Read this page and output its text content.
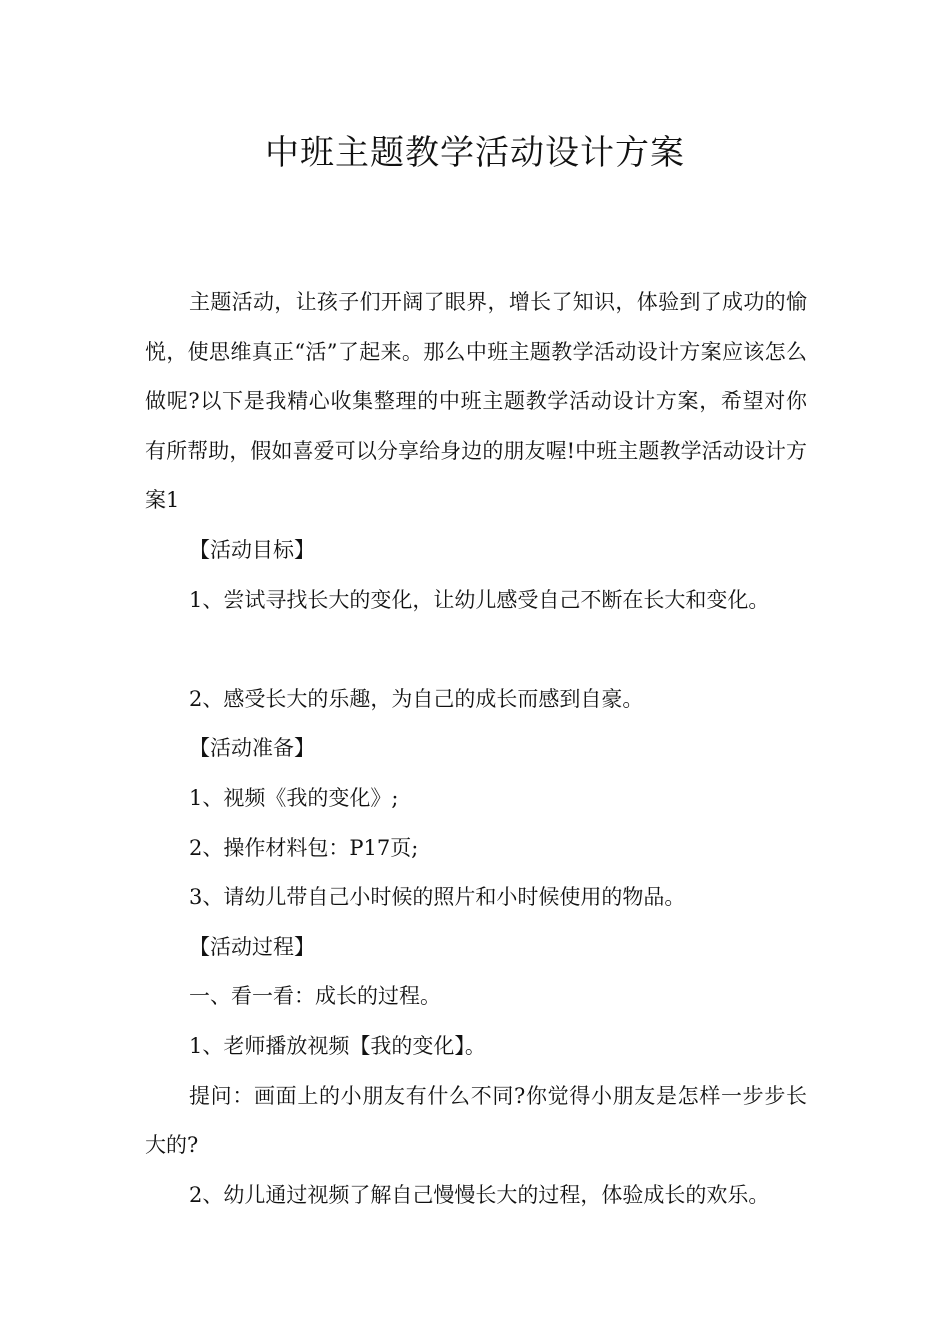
中班主题教学活动设计方案

主题活动，让孩子们开阔了眼界，增长了知识，体验到了成功的愉悦，使思维真正“活”了起来。那么中班主题教学活动设计方案应该怎么做呢?以下是我精心收集整理的中班主题教学活动设计方案，希望对你有所帮助，假如喜爱可以分享给身边的朋友喔!中班主题教学活动设计方案1

【活动目标】

1、尝试寻找长大的变化，让幼儿感受自己不断在长大和变化。

2、感受长大的乐趣，为自己的成长而感到自豪。

【活动准备】

1、视频《我的变化》;

2、操作材料包：P17页;

3、请幼儿带自己小时候的照片和小时候使用的物品。

【活动过程】

一、看一看：成长的过程。

1、老师播放视频【我的变化】。

提问：画面上的小朋友有什么不同?你觉得小朋友是怎样一步步长大的?

2、幼儿通过视频了解自己慢慢长大的过程，体验成长的欢乐。
